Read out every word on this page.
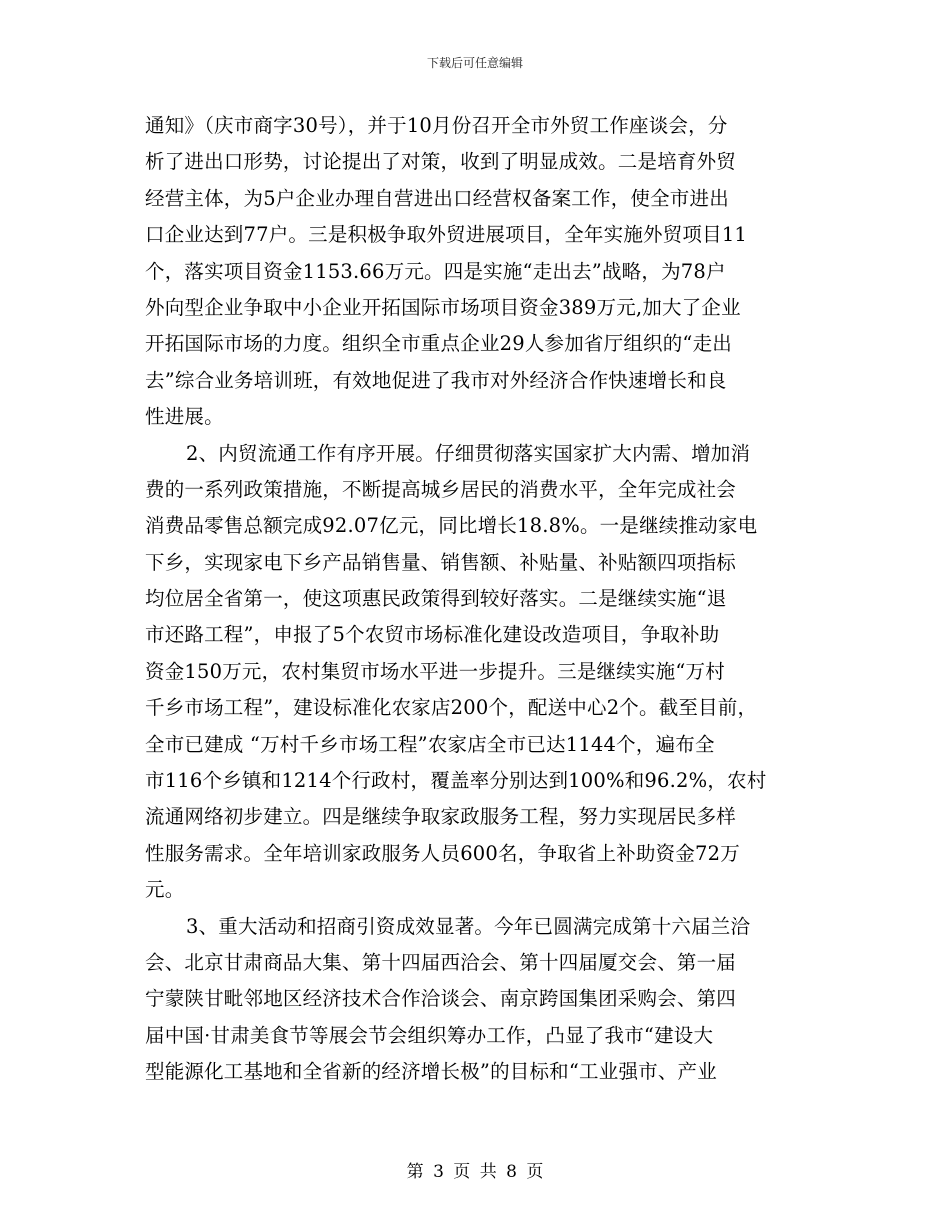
下载后可任意编辑
通知》（庆市商字30号），并于10月份召开全市外贸工作座谈会，分
析了进出口形势，讨论提出了对策，收到了明显成效。二是培育外贸
经营主体，为5户企业办理自营进出口经营权备案工作，使全市进出
口企业达到77户。三是积极争取外贸进展项目，全年实施外贸项目11
个，落实项目资金1153.66万元。四是实施“走出去”战略，为78户
外向型企业争取中小企业开拓国际市场项目资金389万元,加大了企业
开拓国际市场的力度。组织全市重点企业29人参加省厅组织的“走出
去”综合业务培训班，有效地促进了我市对外经济合作快速增长和良
性进展。
2、内贸流通工作有序开展。仔细贯彻落实国家扩大内需、增加消
费的一系列政策措施，不断提高城乡居民的消费水平，全年完成社会
消费品零售总额完成92.07亿元，同比增长18.8%。一是继续推动家电
下乡，实现家电下乡产品销售量、销售额、补贴量、补贴额四项指标
均位居全省第一，使这项惠民政策得到较好落实。二是继续实施“退
市还路工程”，申报了5个农贸市场标准化建设改造项目，争取补助
资金150万元，农村集贸市场水平进一步提升。三是继续实施“万村
千乡市场工程”，建设标准化农家店200个，配送中心2个。截至目前，
全市已建成 “万村千乡市场工程”农家店全市已达1144个，遍布全
市116个乡镇和1214个行政村，覆盖率分别达到100%和96.2%，农村
流通网络初步建立。四是继续争取家政服务工程，努力实现居民多样
性服务需求。全年培训家政服务人员600名，争取省上补助资金72万
元。
3、重大活动和招商引资成效显著。今年已圆满完成第十六届兰洽
会、北京甘肃商品大集、第十四届西洽会、第十四届厦交会、第一届
宁蒙陕甘毗邻地区经济技术合作洽谈会、南京跨国集团采购会、第四
届中国·甘肃美食节等展会节会组织筹办工作，凸显了我市“建设大
型能源化工基地和全省新的经济增长极”的目标和“工业强市、产业
第 3 页 共 8 页
